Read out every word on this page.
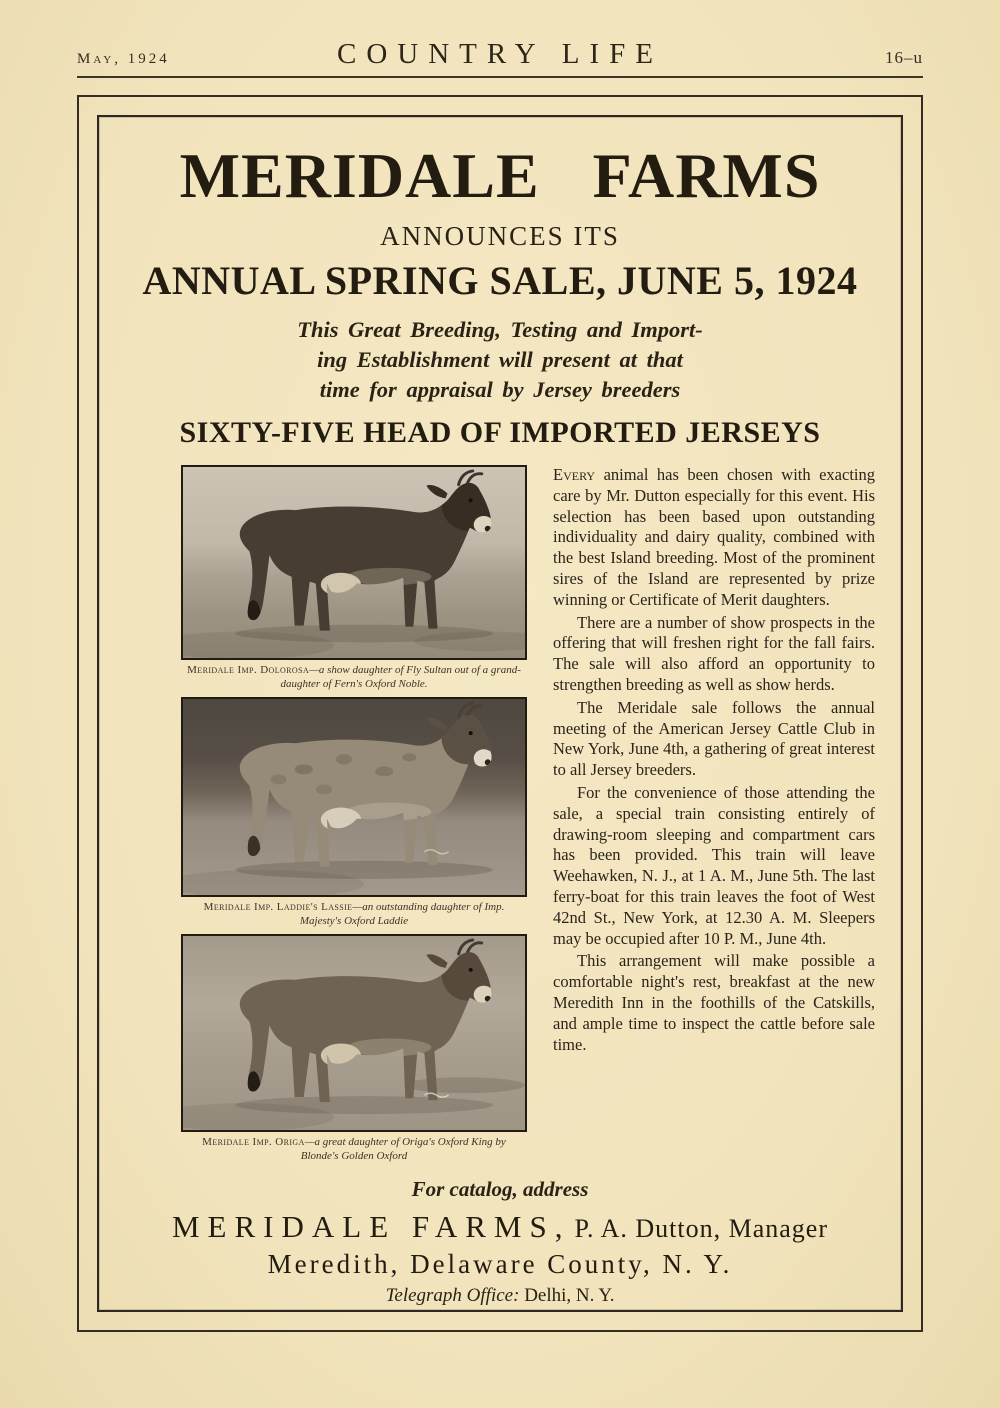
May, 1924	COUNTRY LIFE	16–u
MERIDALE FARMS
ANNOUNCES ITS
ANNUAL SPRING SALE, JUNE 5, 1924
This Great Breeding, Testing and Import-
ing Establishment will present at that
time for appraisal by Jersey breeders
SIXTY-FIVE HEAD OF IMPORTED JERSEYS
Meridale Imp. Dolorosa—a show daughter of Fly Sultan out of a grand-daughter of Fern's Oxford Noble.
Meridale Imp. Laddie's Lassie—an outstanding daughter of Imp. Majesty's Oxford Laddie
Meridale Imp. Origa—a great daughter of Origa's Oxford King by Blonde's Golden Oxford

Every animal has been chosen with exacting care by Mr. Dutton especially for this event. His selection has been based upon outstanding individuality and dairy quality, combined with the best Island breeding. Most of the prominent sires of the Island are represented by prize winning or Certificate of Merit daughters.

There are a number of show prospects in the offering that will freshen right for the fall fairs. The sale will also afford an opportunity to strengthen breeding as well as show herds.

The Meridale sale follows the annual meeting of the American Jersey Cattle Club in New York, June 4th, a gathering of great interest to all Jersey breeders.

For the convenience of those attending the sale, a special train consisting entirely of drawing-room sleeping and compartment cars has been provided. This train will leave Weehawken, N. J., at 1 A. M., June 5th. The last ferry-boat for this train leaves the foot of West 42nd St., New York, at 12.30 A. M. Sleepers may be occupied after 10 P. M., June 4th.

This arrangement will make possible a comfortable night's rest, breakfast at the new Meredith Inn in the foothills of the Catskills, and ample time to inspect the cattle before sale time.

For catalog, address
MERIDALE FARMS, P. A. Dutton, Manager
Meredith, Delaware County, N. Y.
Telegraph Office: Delhi, N. Y.
